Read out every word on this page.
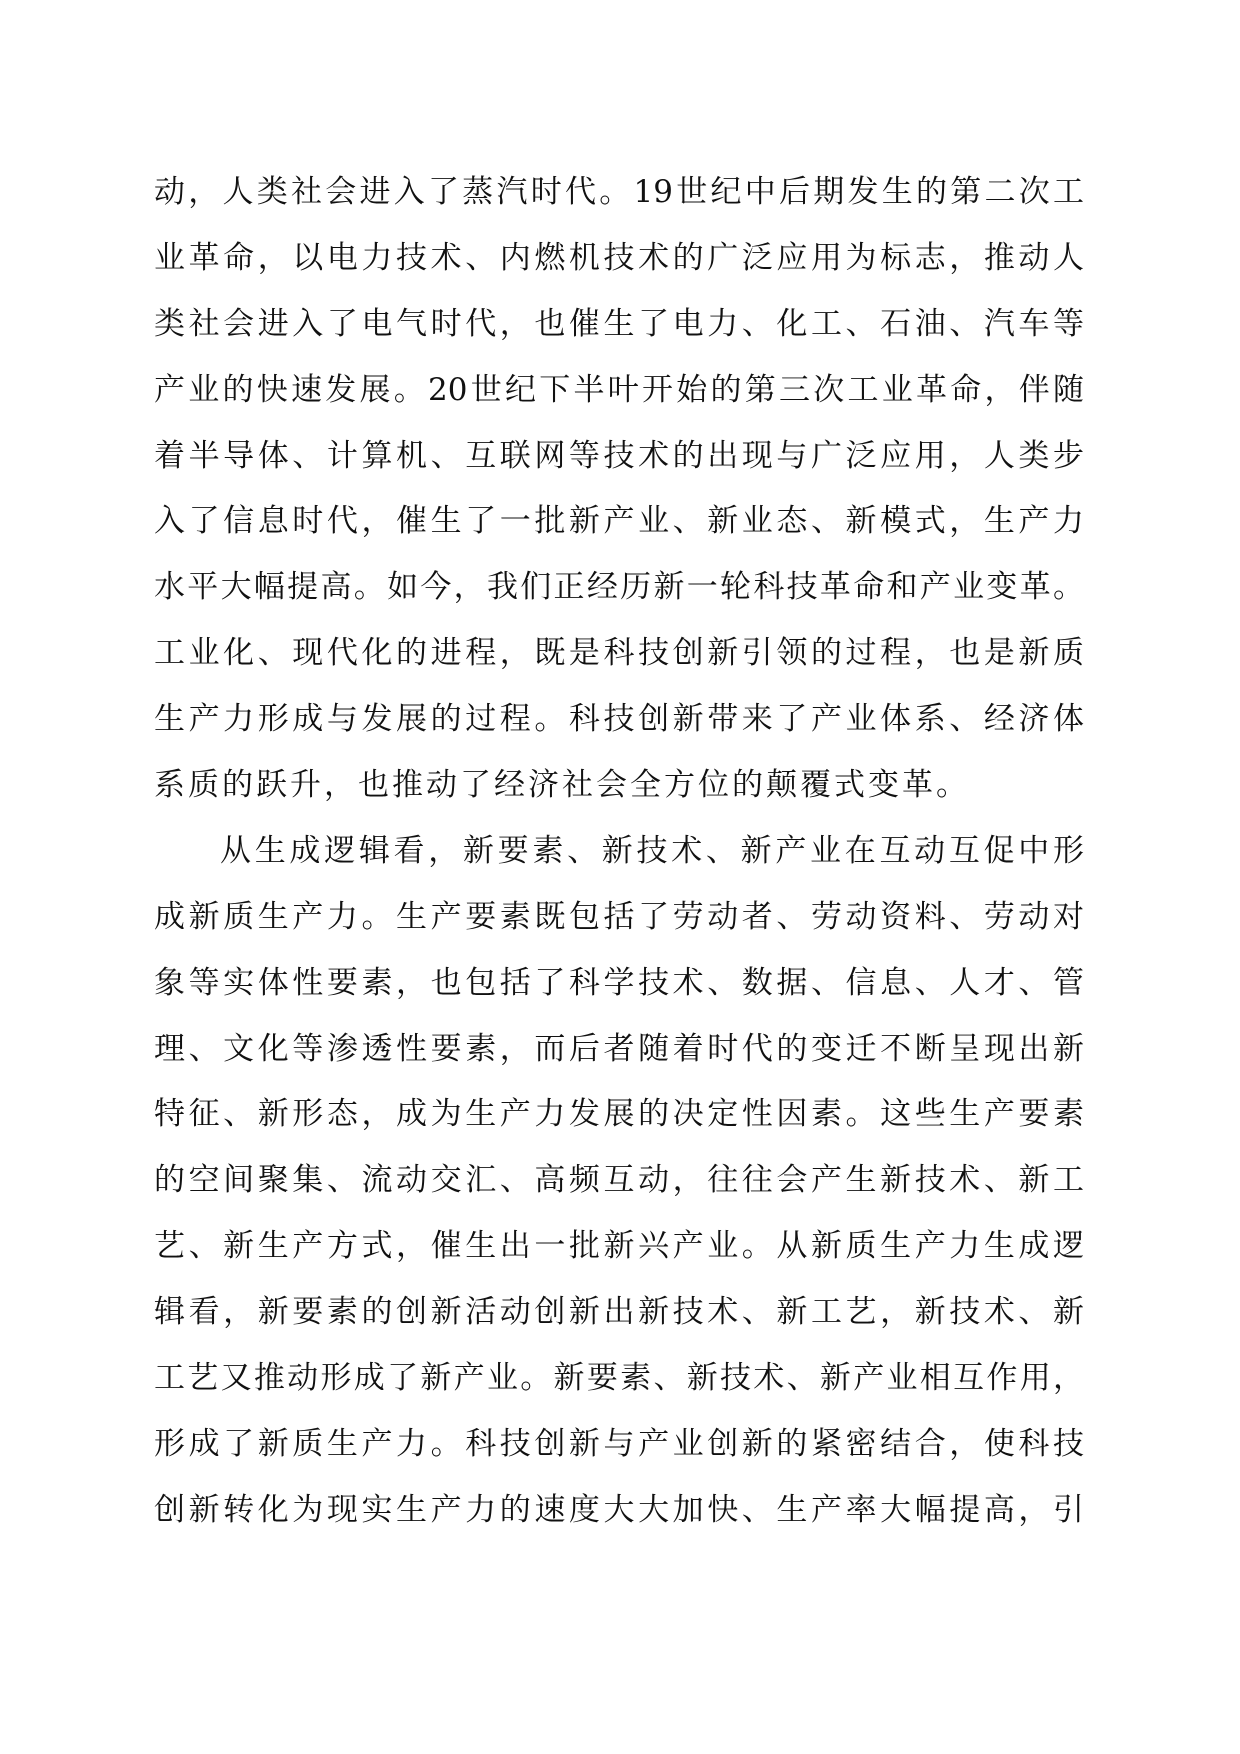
动，人类社会进入了蒸汽时代。19世纪中后期发生的第二次工
业革命，以电力技术、内燃机技术的广泛应用为标志，推动人
类社会进入了电气时代，也催生了电力、化工、石油、汽车等
产业的快速发展。20世纪下半叶开始的第三次工业革命，伴随
着半导体、计算机、互联网等技术的出现与广泛应用，人类步
入了信息时代，催生了一批新产业、新业态、新模式，生产力
水平大幅提高。如今，我们正经历新一轮科技革命和产业变革。
工业化、现代化的进程，既是科技创新引领的过程，也是新质
生产力形成与发展的过程。科技创新带来了产业体系、经济体
系质的跃升，也推动了经济社会全方位的颠覆式变革。
从生成逻辑看，新要素、新技术、新产业在互动互促中形
成新质生产力。生产要素既包括了劳动者、劳动资料、劳动对
象等实体性要素，也包括了科学技术、数据、信息、人才、管
理、文化等渗透性要素，而后者随着时代的变迁不断呈现出新
特征、新形态，成为生产力发展的决定性因素。这些生产要素
的空间聚集、流动交汇、高频互动，往往会产生新技术、新工
艺、新生产方式，催生出一批新兴产业。从新质生产力生成逻
辑看，新要素的创新活动创新出新技术、新工艺，新技术、新
工艺又推动形成了新产业。新要素、新技术、新产业相互作用，
形成了新质生产力。科技创新与产业创新的紧密结合，使科技
创新转化为现实生产力的速度大大加快、生产率大幅提高，引
